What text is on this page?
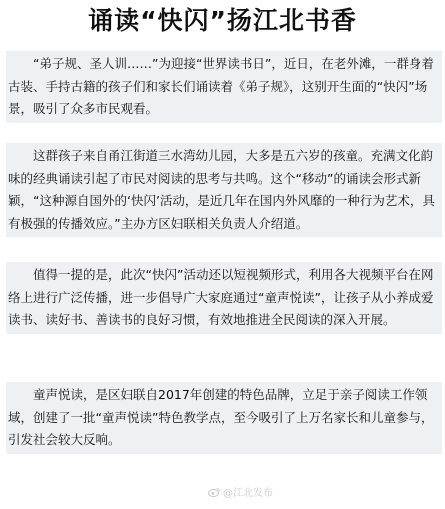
诵读“快闪”扬江北书香
“弟子规、圣人训……”为迎接“世界读书日”，近日，在老外滩，一群身着古装、手持古籍的孩子们和家长们诵读着《弟子规》，这别开生面的“快闪”场景，吸引了众多市民观看。
这群孩子来自甬江街道三水湾幼儿园，大多是五六岁的孩童。充满文化韵味的经典诵读引起了市民对阅读的思考与共鸣。这个“移动”的诵读会形式新颖，“这种源自国外的‘快闪’活动，是近几年在国内外风靡的一种行为艺术，具有极强的传播效应。”主办方区妇联相关负责人介绍道。
值得一提的是，此次“快闪”活动还以短视频形式，利用各大视频平台在网络上进行广泛传播，进一步倡导广大家庭通过“童声悦读”，让孩子从小养成爱读书、读好书、善读书的良好习惯，有效地推进全民阅读的深入开展。
童声悦读，是区妇联自2017年创建的特色品牌，立足于亲子阅读工作领域，创建了一批“童声悦读”特色教学点，至今吸引了上万名家长和儿童参与，引发社会较大反响。
@江北发布
